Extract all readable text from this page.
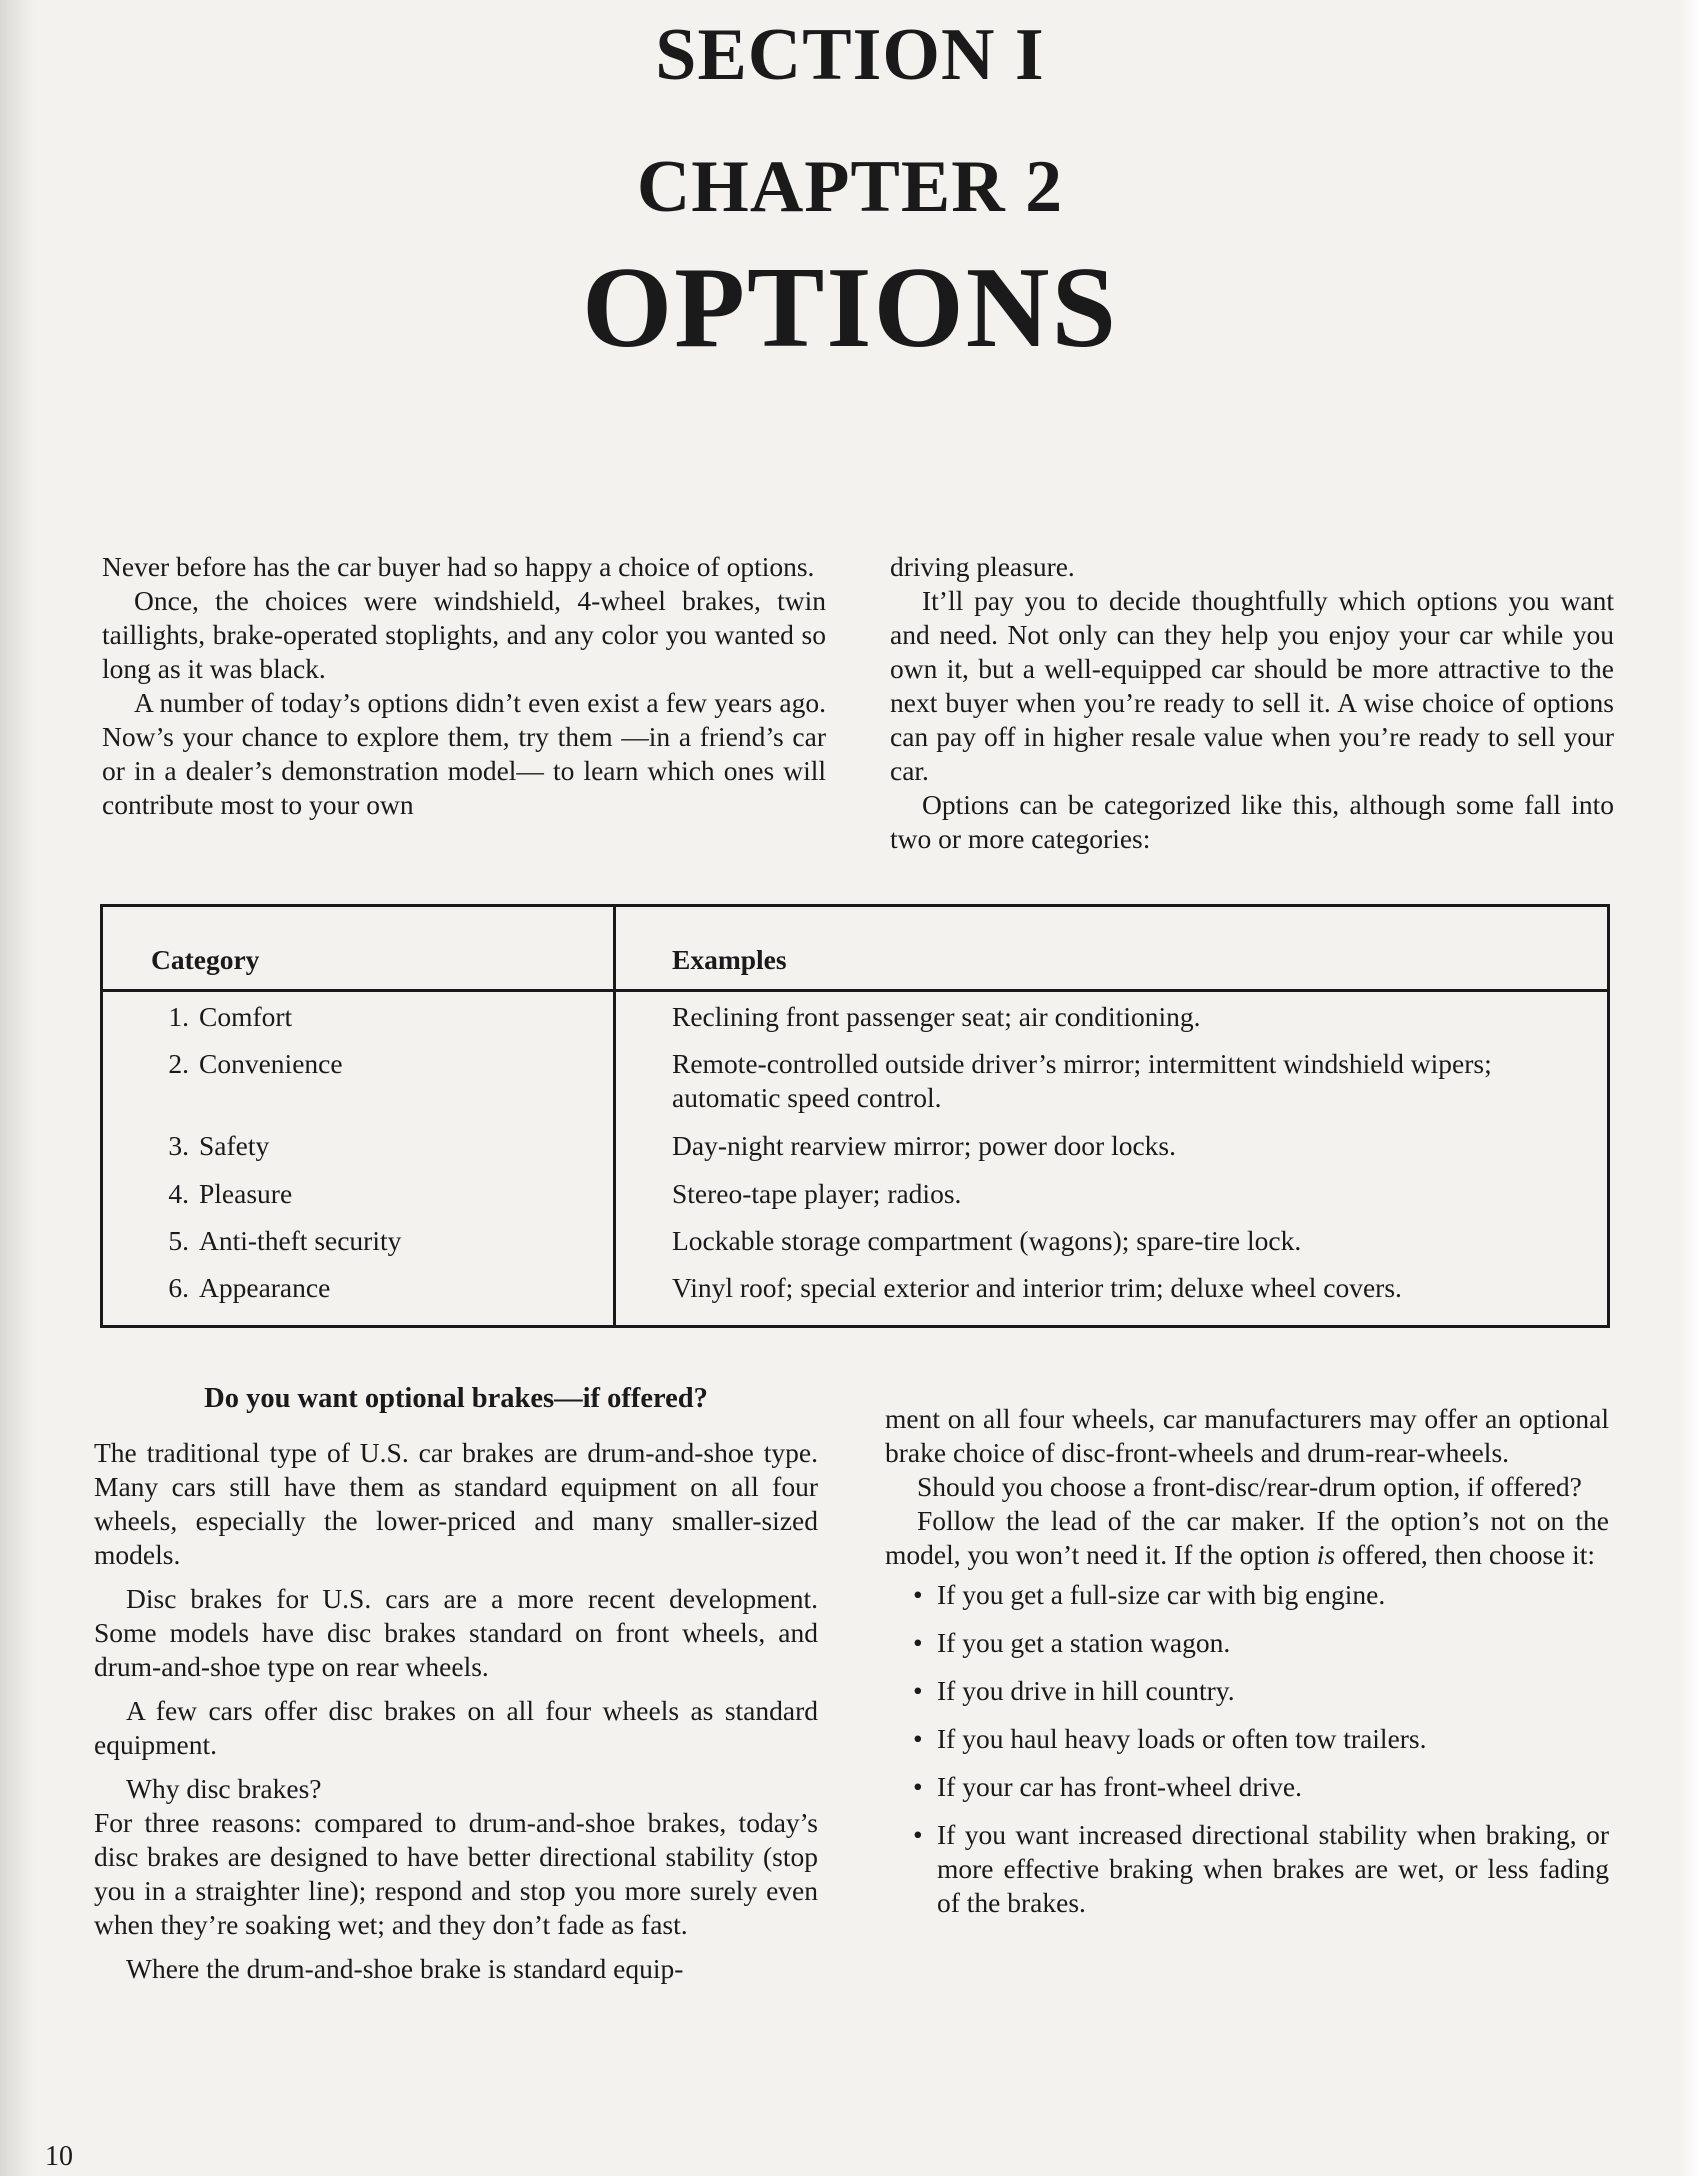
SECTION I
CHAPTER 2
OPTIONS

Never before has the car buyer had so happy a choice of options.

Once, the choices were windshield, 4-wheel brakes, twin taillights, brake-operated stoplights, and any color you wanted so long as it was black.

A number of today’s options didn’t even exist a few years ago. Now’s your chance to explore them, try them —in a friend’s car or in a dealer’s demonstration model— to learn which ones will contribute most to your own

driving pleasure.

It’ll pay you to decide thoughtfully which options you want and need. Not only can they help you enjoy your car while you own it, but a well-equipped car should be more attractive to the next buyer when you’re ready to sell it. A wise choice of options can pay off in higher resale value when you’re ready to sell your car.

Options can be categorized like this, although some fall into two or more categories:

Category	Examples
1. Comfort	Reclining front passenger seat; air conditioning.
2. Convenience	Remote-controlled outside driver’s mirror; intermittent windshield wipers; automatic speed control.
3. Safety	Day-night rearview mirror; power door locks.
4. Pleasure	Stereo-tape player; radios.
5. Anti-theft security	Lockable storage compartment (wagons); spare-tire lock.
6. Appearance	Vinyl roof; special exterior and interior trim; deluxe wheel covers.

Do you want optional brakes—if offered?

The traditional type of U.S. car brakes are drum-and-shoe type. Many cars still have them as standard equipment on all four wheels, especially the lower-priced and many smaller-sized models.

Disc brakes for U.S. cars are a more recent development. Some models have disc brakes standard on front wheels, and drum-and-shoe type on rear wheels.

A few cars offer disc brakes on all four wheels as standard equipment.

Why disc brakes?

For three reasons: compared to drum-and-shoe brakes, today’s disc brakes are designed to have better directional stability (stop you in a straighter line); respond and stop you more surely even when they’re soaking wet; and they don’t fade as fast.

Where the drum-and-shoe brake is standard equip-

ment on all four wheels, car manufacturers may offer an optional brake choice of disc-front-wheels and drum-rear-wheels.

Should you choose a front-disc/rear-drum option, if offered?

Follow the lead of the car maker. If the option’s not on the model, you won’t need it. If the option is offered, then choose it:

• If you get a full-size car with big engine.
• If you get a station wagon.
• If you drive in hill country.
• If you haul heavy loads or often tow trailers.
• If your car has front-wheel drive.
• If you want increased directional stability when braking, or more effective braking when brakes are wet, or less fading of the brakes.
10
